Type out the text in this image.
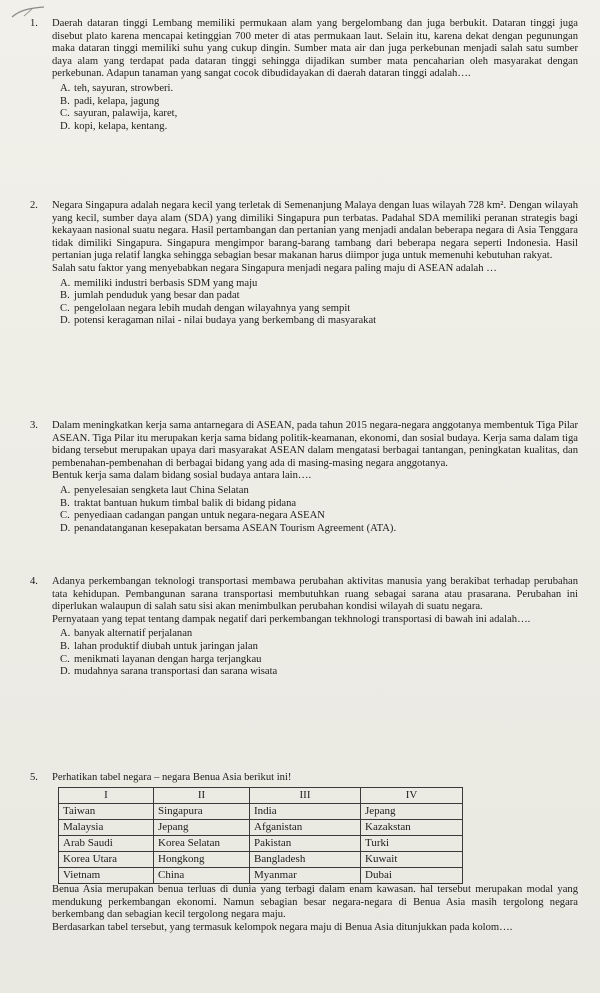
1. Daerah dataran tinggi Lembang memiliki permukaan alam yang bergelombang dan juga berbukit. Dataran tinggi juga disebut plato karena mencapai ketinggian 700 meter di atas permukaan laut. Selain itu, karena dekat dengan pegunungan maka dataran tinggi memiliki suhu yang cukup dingin. Sumber mata air dan juga perkebunan menjadi salah satu sumber daya alam yang terdapat pada dataran tinggi sehingga dijadikan sumber mata pencaharian oleh masyarakat dengan perkebunan. Adapun tanaman yang sangat cocok dibudidayakan di daerah dataran tinggi adalah….

A. teh, sayuran, strowberi.
B. padi, kelapa, jagung
C. sayuran, palawija, karet,
D. kopi, kelapa, kentang.
2. Negara Singapura adalah negara kecil yang terletak di Semenanjung Malaya dengan luas wilayah 728 km². Dengan wilayah yang kecil, sumber daya alam (SDA) yang dimiliki Singapura pun terbatas. Padahal SDA memiliki peranan strategis bagi kekayaan nasional suatu negara. Hasil pertambangan dan pertanian yang menjadi andalan beberapa negara di Asia Tenggara tidak dimiliki Singapura. Singapura mengimpor barang-barang tambang dari beberapa negara seperti Indonesia. Hasil pertanian juga relatif langka sehingga sebagian besar makanan harus diimpor juga untuk memenuhi kebutuhan rakyat.

Salah satu faktor yang menyebabkan negara Singapura menjadi negara paling maju di ASEAN adalah …

A. memiliki industri berbasis SDM yang maju
B. jumlah penduduk yang besar dan padat
C. pengelolaan negara lebih mudah dengan wilayahnya yang sempit
D. potensi keragaman nilai - nilai budaya yang berkembang di masyarakat
3. Dalam meningkatkan kerja sama antarnegara di ASEAN, pada tahun 2015 negara-negara anggotanya membentuk Tiga Pilar ASEAN. Tiga Pilar itu merupakan kerja sama bidang politik-keamanan, ekonomi, dan sosial budaya. Kerja sama dalam tiga bidang tersebut merupakan upaya dari masyarakat ASEAN dalam mengatasi berbagai tantangan, peningkatan kualitas, dan pembenahan-pembenahan di berbagai bidang yang ada di masing-masing negara anggotanya.

Bentuk kerja sama dalam bidang sosial budaya antara lain….

A. penyelesaian sengketa laut China Selatan
B. traktat bantuan hukum timbal balik di bidang pidana
C. penyediaan cadangan pangan untuk negara-negara ASEAN
D. penandatanganan kesepakatan bersama ASEAN Tourism Agreement (ATA).
4. Adanya perkembangan teknologi transportasi membawa perubahan aktivitas manusia yang berakibat terhadap perubahan tata kehidupan. Pembangunan sarana transportasi membutuhkan ruang sebagai sarana atau prasarana. Perubahan ini diperlukan walaupun di salah satu sisi akan menimbulkan perubahan kondisi wilayah di suatu negara.

Pernyataan yang tepat tentang dampak negatif dari perkembangan tekhnologi transportasi di bawah ini adalah….

A. banyak alternatif perjalanan
B. lahan produktif diubah untuk jaringan jalan
C. menikmati layanan dengan harga terjangkau
D. mudahnya sarana transportasi dan sarana wisata
5. Perhatikan tabel negara – negara Benua Asia berikut ini!

I	II	III	IV
Taiwan	Singapura	India	Jepang
Malaysia	Jepang	Afganistan	Kazakstan
Arab Saudi	Korea Selatan	Pakistan	Turki
Korea Utara	Hongkong	Bangladesh	Kuwait
Vietnam	China	Myanmar	Dubai

Benua Asia merupakan benua terluas di dunia yang terbagi dalam enam kawasan. hal tersebut merupakan modal yang mendukung perkembangan ekonomi. Namun sebagian besar negara-negara di Benua Asia masih tergolong negara berkembang dan sebagian kecil tergolong negara maju.

Berdasarkan tabel tersebut, yang termasuk kelompok negara maju di Benua Asia ditunjukkan pada kolom….
